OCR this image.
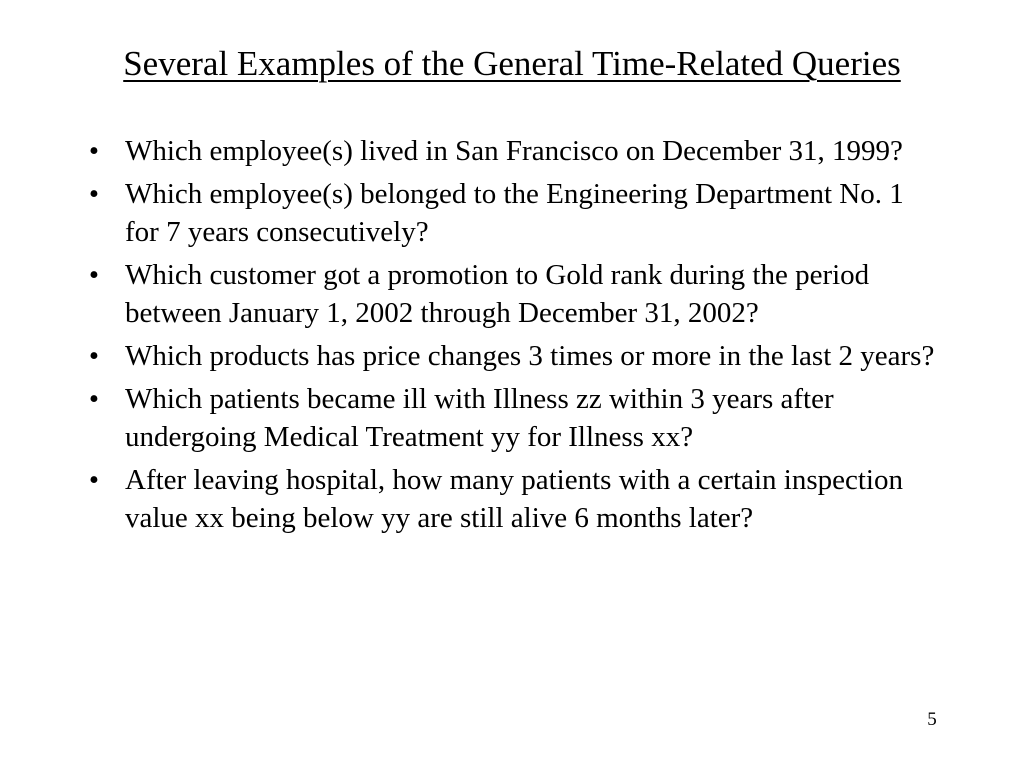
Several Examples of the General Time-Related Queries
• Which employee(s) lived in San Francisco on December 31, 1999?
• Which employee(s) belonged to the Engineering Department No. 1 for 7 years consecutively?
• Which customer got a promotion to Gold rank during the period between January 1, 2002 through December 31, 2002?
• Which products has price changes 3 times or more in the last 2 years?
• Which patients became ill with Illness zz within 3 years after undergoing Medical Treatment yy for Illness xx?
• After leaving hospital, how many patients with a certain inspection value xx being below yy are still alive 6 months later?
5
